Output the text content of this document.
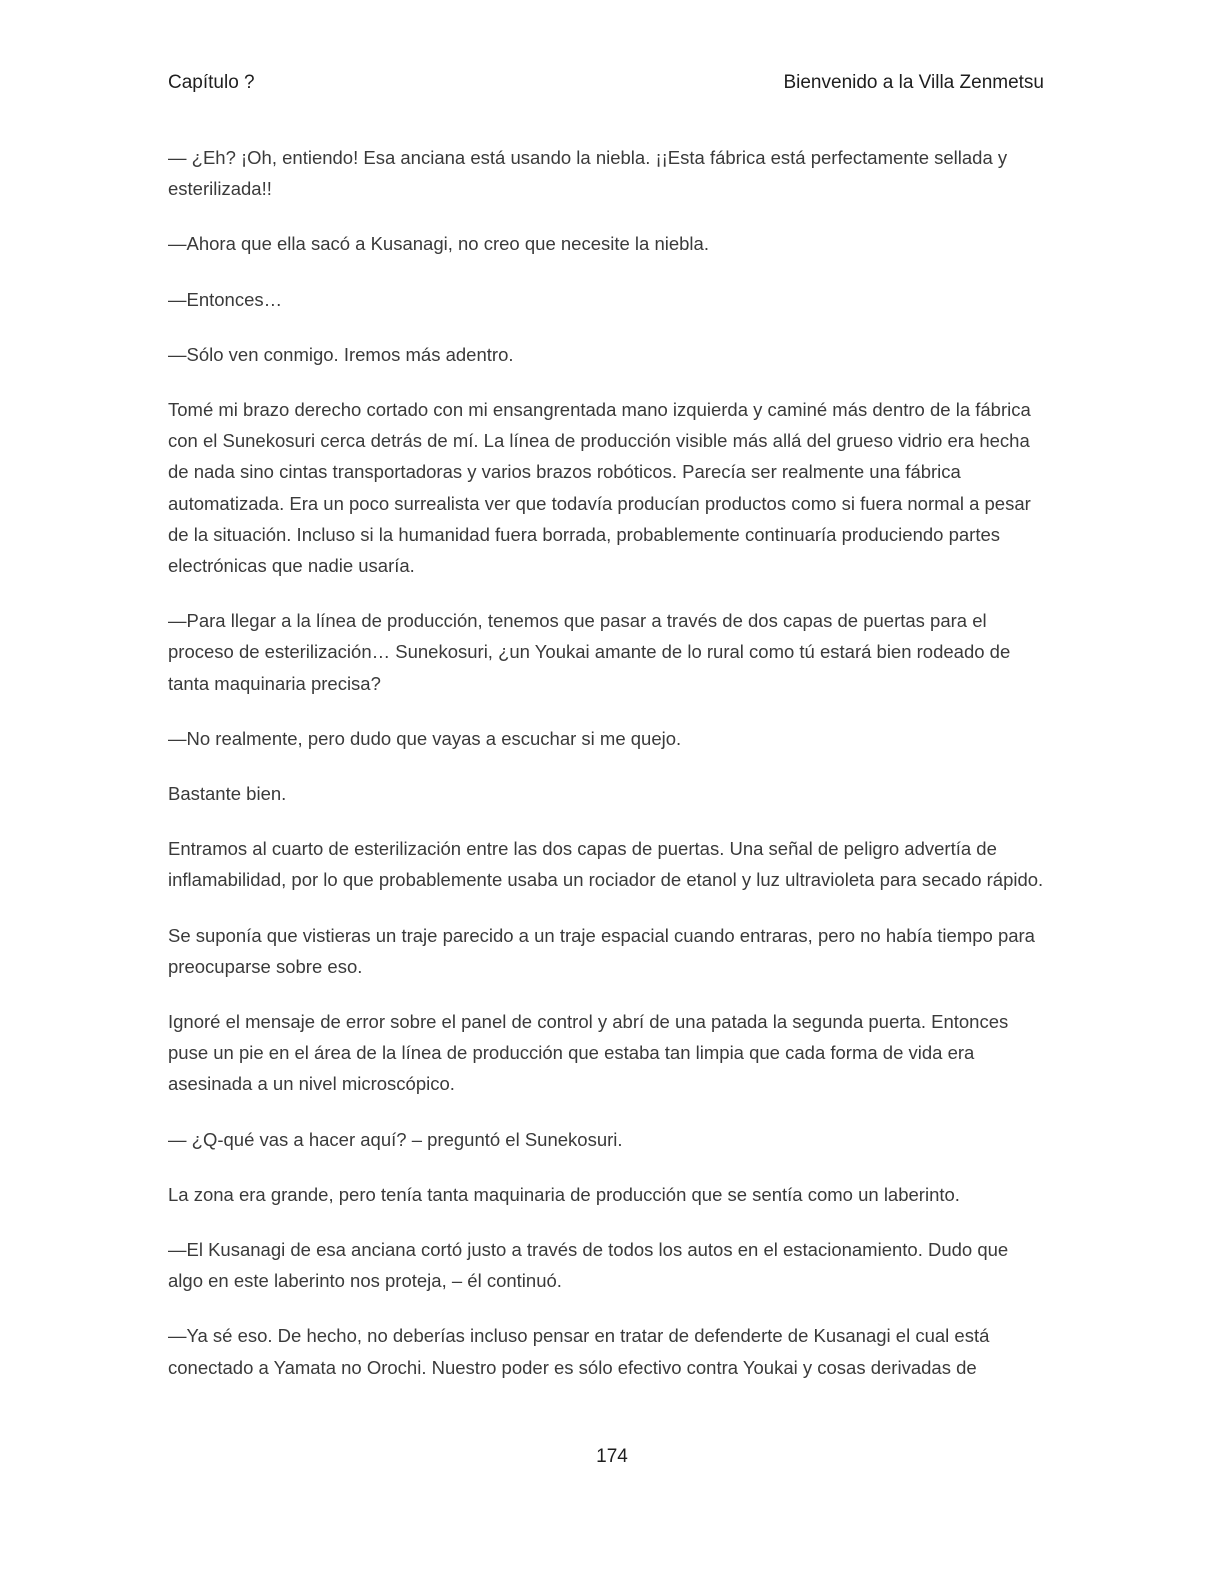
Capítulo ?	Bienvenido a la Villa Zenmetsu

— ¿Eh? ¡Oh, entiendo! Esa anciana está usando la niebla. ¡¡Esta fábrica está perfectamente sellada y esterilizada!!

—Ahora que ella sacó a Kusanagi, no creo que necesite la niebla.

—Entonces…

—Sólo ven conmigo. Iremos más adentro.

Tomé mi brazo derecho cortado con mi ensangrentada mano izquierda y caminé más dentro de la fábrica con el Sunekosuri cerca detrás de mí. La línea de producción visible más allá del grueso vidrio era hecha de nada sino cintas transportadoras y varios brazos robóticos. Parecía ser realmente una fábrica automatizada. Era un poco surrealista ver que todavía producían productos como si fuera normal a pesar de la situación. Incluso si la humanidad fuera borrada, probablemente continuaría produciendo partes electrónicas que nadie usaría.

—Para llegar a la línea de producción, tenemos que pasar a través de dos capas de puertas para el proceso de esterilización… Sunekosuri, ¿un Youkai amante de lo rural como tú estará bien rodeado de tanta maquinaria precisa?

—No realmente, pero dudo que vayas a escuchar si me quejo.

Bastante bien.

Entramos al cuarto de esterilización entre las dos capas de puertas. Una señal de peligro advertía de inflamabilidad, por lo que probablemente usaba un rociador de etanol y luz ultravioleta para secado rápido.

Se suponía que vistieras un traje parecido a un traje espacial cuando entraras, pero no había tiempo para preocuparse sobre eso.

Ignoré el mensaje de error sobre el panel de control y abrí de una patada la segunda puerta. Entonces puse un pie en el área de la línea de producción que estaba tan limpia que cada forma de vida era asesinada a un nivel microscópico.

— ¿Q-qué vas a hacer aquí? – preguntó el Sunekosuri.

La zona era grande, pero tenía tanta maquinaria de producción que se sentía como un laberinto.

—El Kusanagi de esa anciana cortó justo a través de todos los autos en el estacionamiento. Dudo que algo en este laberinto nos proteja, – él continuó.

—Ya sé eso. De hecho, no deberías incluso pensar en tratar de defenderte de Kusanagi el cual está conectado a Yamata no Orochi. Nuestro poder es sólo efectivo contra Youkai y cosas derivadas de

174
